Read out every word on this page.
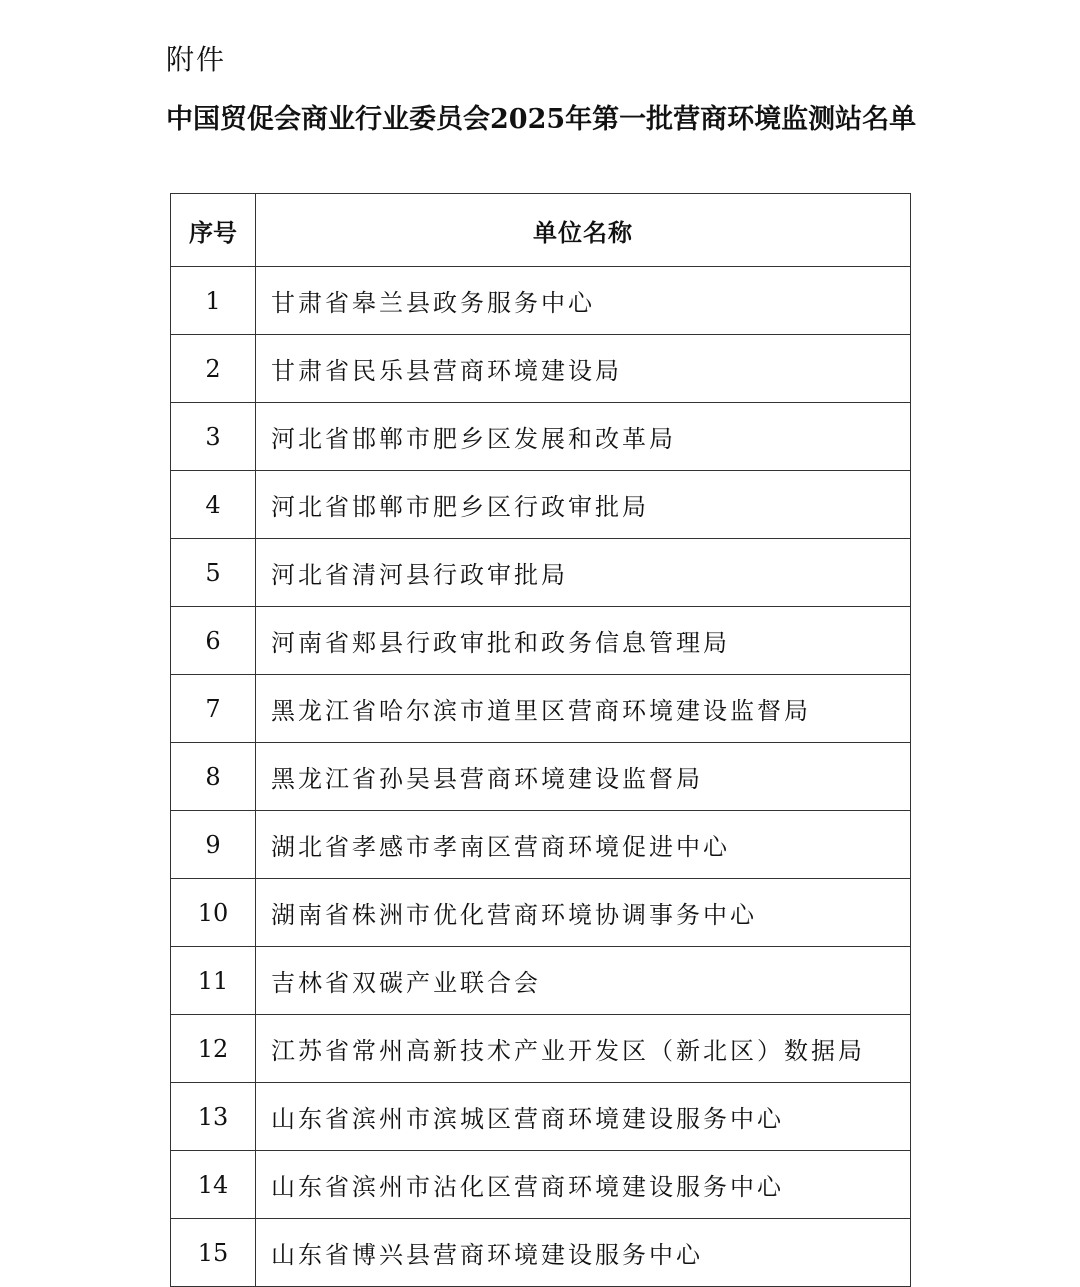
附件
中国贸促会商业行业委员会2025年第一批营商环境监测站名单
序号	单位名称
1	甘肃省皋兰县政务服务中心
2	甘肃省民乐县营商环境建设局
3	河北省邯郸市肥乡区发展和改革局
4	河北省邯郸市肥乡区行政审批局
5	河北省清河县行政审批局
6	河南省郏县行政审批和政务信息管理局
7	黑龙江省哈尔滨市道里区营商环境建设监督局
8	黑龙江省孙吴县营商环境建设监督局
9	湖北省孝感市孝南区营商环境促进中心
10	湖南省株洲市优化营商环境协调事务中心
11	吉林省双碳产业联合会
12	江苏省常州高新技术产业开发区（新北区）数据局
13	山东省滨州市滨城区营商环境建设服务中心
14	山东省滨州市沾化区营商环境建设服务中心
15	山东省博兴县营商环境建设服务中心
